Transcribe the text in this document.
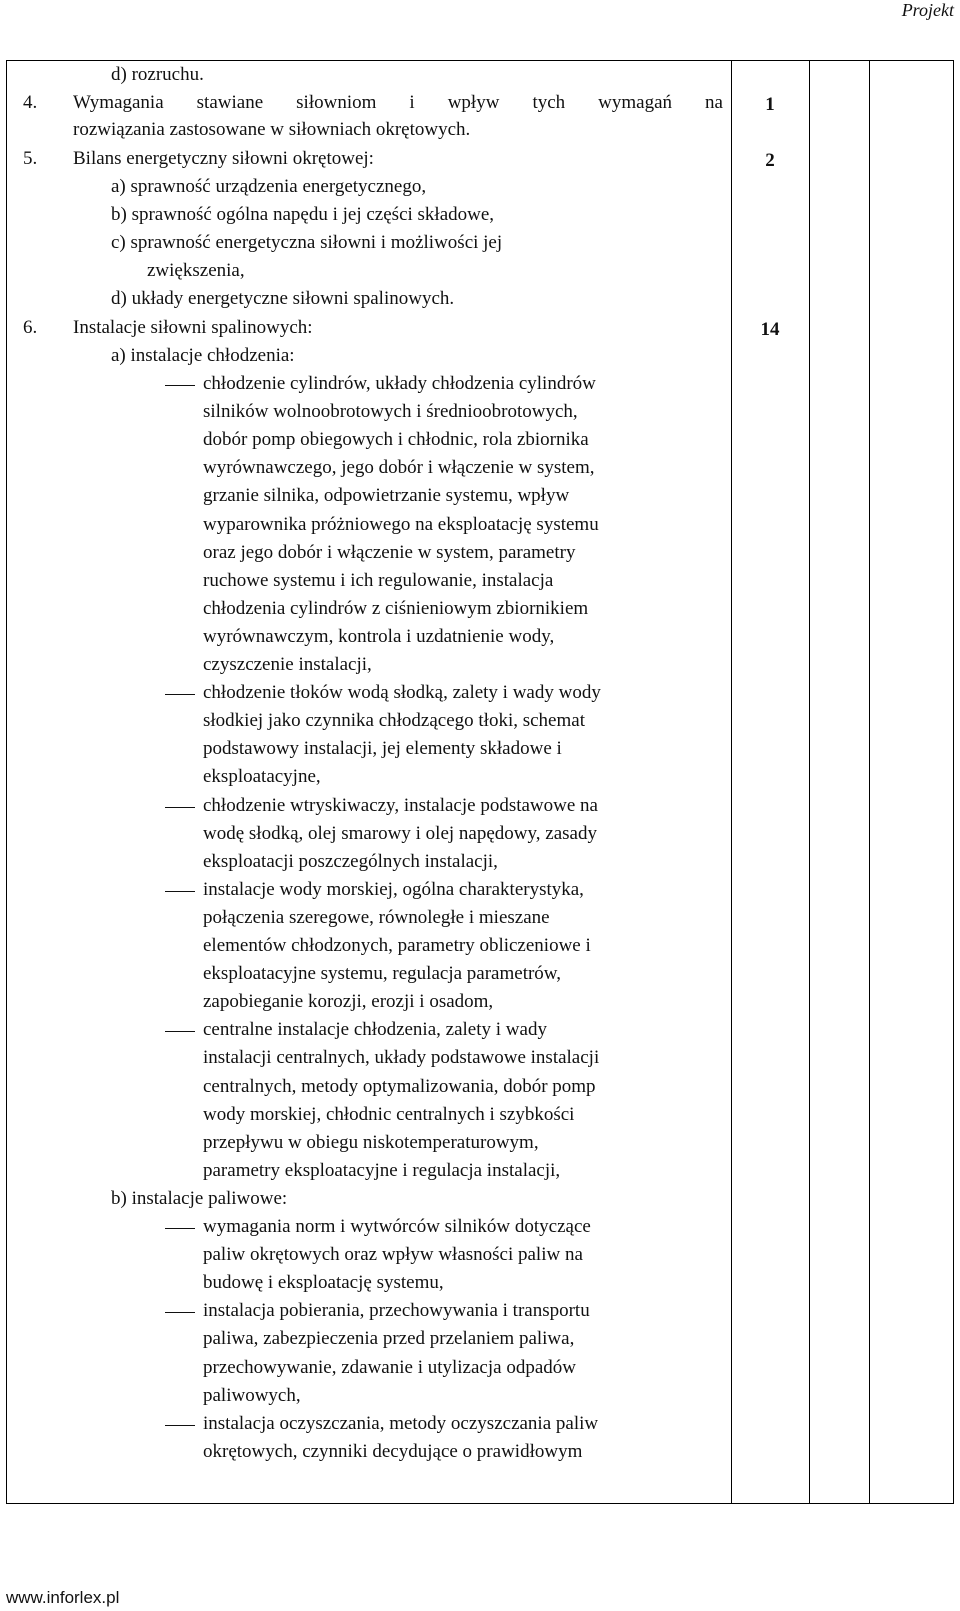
Projekt
d) rozruchu.
4. Wymagania stawiane siłowniom i wpływ tych wymagań na
rozwiązania zastosowane w siłowniach okrętowych.
1
5. Bilans energetyczny siłowni okrętowej:
a) sprawność urządzenia energetycznego,
b) sprawność ogólna napędu i jej części składowe,
c) sprawność energetyczna siłowni i możliwości jej
zwiększenia,
d) układy energetyczne siłowni spalinowych.
2
6. Instalacje siłowni spalinowych:	14
a) instalacje chłodzenia:
chłodzenie cylindrów, układy chłodzenia cylindrów
silników wolnoobrotowych i średnioobrotowych,
dobór pomp obiegowych i chłodnic, rola zbiornika
wyrównawczego, jego dobór i włączenie w system,
grzanie silnika, odpowietrzanie systemu, wpływ
wyparownika próżniowego na eksploatację systemu
oraz jego dobór i włączenie w system, parametry
ruchowe systemu i ich regulowanie, instalacja
chłodzenia cylindrów z ciśnieniowym zbiornikiem
wyrównawczym, kontrola i uzdatnienie wody,
czyszczenie instalacji,
chłodzenie tłoków wodą słodką, zalety i wady wody
słodkiej jako czynnika chłodzącego tłoki, schemat
podstawowy instalacji, jej elementy składowe i
eksploatacyjne,
chłodzenie wtryskiwaczy, instalacje podstawowe na
wodę słodką, olej smarowy i olej napędowy, zasady
eksploatacji poszczególnych instalacji,
instalacje wody morskiej, ogólna charakterystyka,
połączenia szeregowe, równoległe i mieszane
elementów chłodzonych, parametry obliczeniowe i
eksploatacyjne systemu, regulacja parametrów,
zapobieganie korozji, erozji i osadom,
centralne instalacje chłodzenia, zalety i wady
instalacji centralnych, układy podstawowe instalacji
centralnych, metody optymalizowania, dobór pomp
wody morskiej, chłodnic centralnych i szybkości
przepływu w obiegu niskotemperaturowym,
parametry eksploatacyjne i regulacja instalacji,
b) instalacje paliwowe:
wymagania norm i wytwórców silników dotyczące
paliw okrętowych oraz wpływ własności paliw na
budowę i eksploatację systemu,
instalacja pobierania, przechowywania i transportu
paliwa, zabezpieczenia przed przelaniem paliwa,
przechowywanie, zdawanie i utylizacja odpadów
paliwowych,
instalacja oczyszczania, metody oczyszczania paliw
okrętowych, czynniki decydujące o prawidłowym
www.inforlex.pl
